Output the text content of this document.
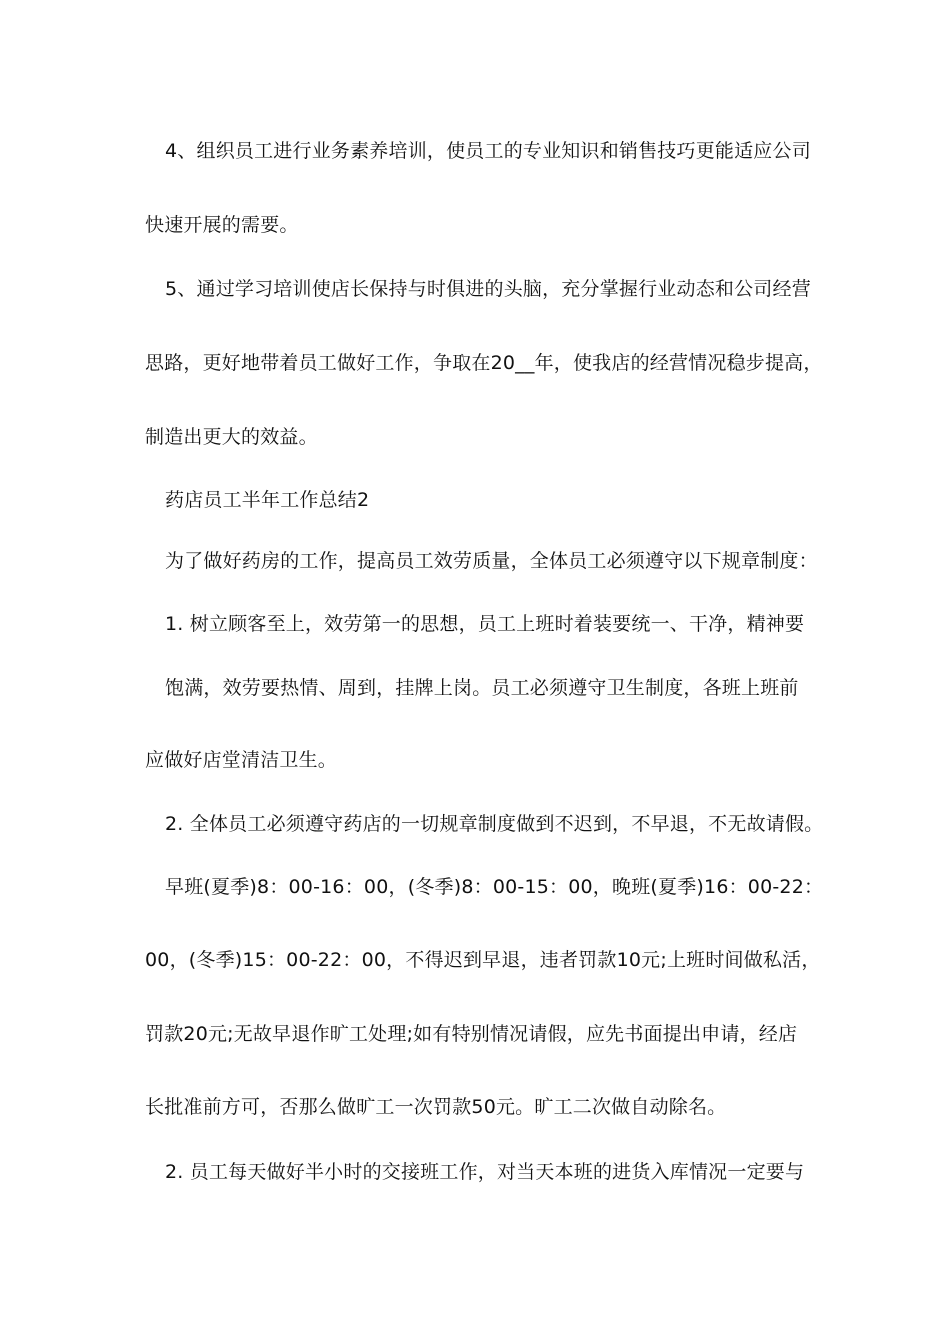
4、组织员工进行业务素养培训，使员工的专业知识和销售技巧更能适应公司
快速开展的需要。
5、通过学习培训使店长保持与时俱进的头脑，充分掌握行业动态和公司经营
思路，更好地带着员工做好工作，争取在20__年，使我店的经营情况稳步提高，
制造出更大的效益。
药店员工半年工作总结2
为了做好药房的工作，提高员工效劳质量，全体员工必须遵守以下规章制度：
1. 树立顾客至上，效劳第一的思想，员工上班时着装要统一、干净，精神要
饱满，效劳要热情、周到，挂牌上岗。员工必须遵守卫生制度，各班上班前
应做好店堂清洁卫生。
2. 全体员工必须遵守药店的一切规章制度做到不迟到，不早退，不无故请假。
早班(夏季)8：00-16：00，(冬季)8：00-15：00，晚班(夏季)16：00-22：
00，(冬季)15：00-22：00，不得迟到早退，违者罚款10元;上班时间做私活，
罚款20元;无故早退作旷工处理;如有特别情况请假，应先书面提出申请，经店
长批准前方可，否那么做旷工一次罚款50元。旷工二次做自动除名。
2. 员工每天做好半小时的交接班工作，对当天本班的进货入库情况一定要与
